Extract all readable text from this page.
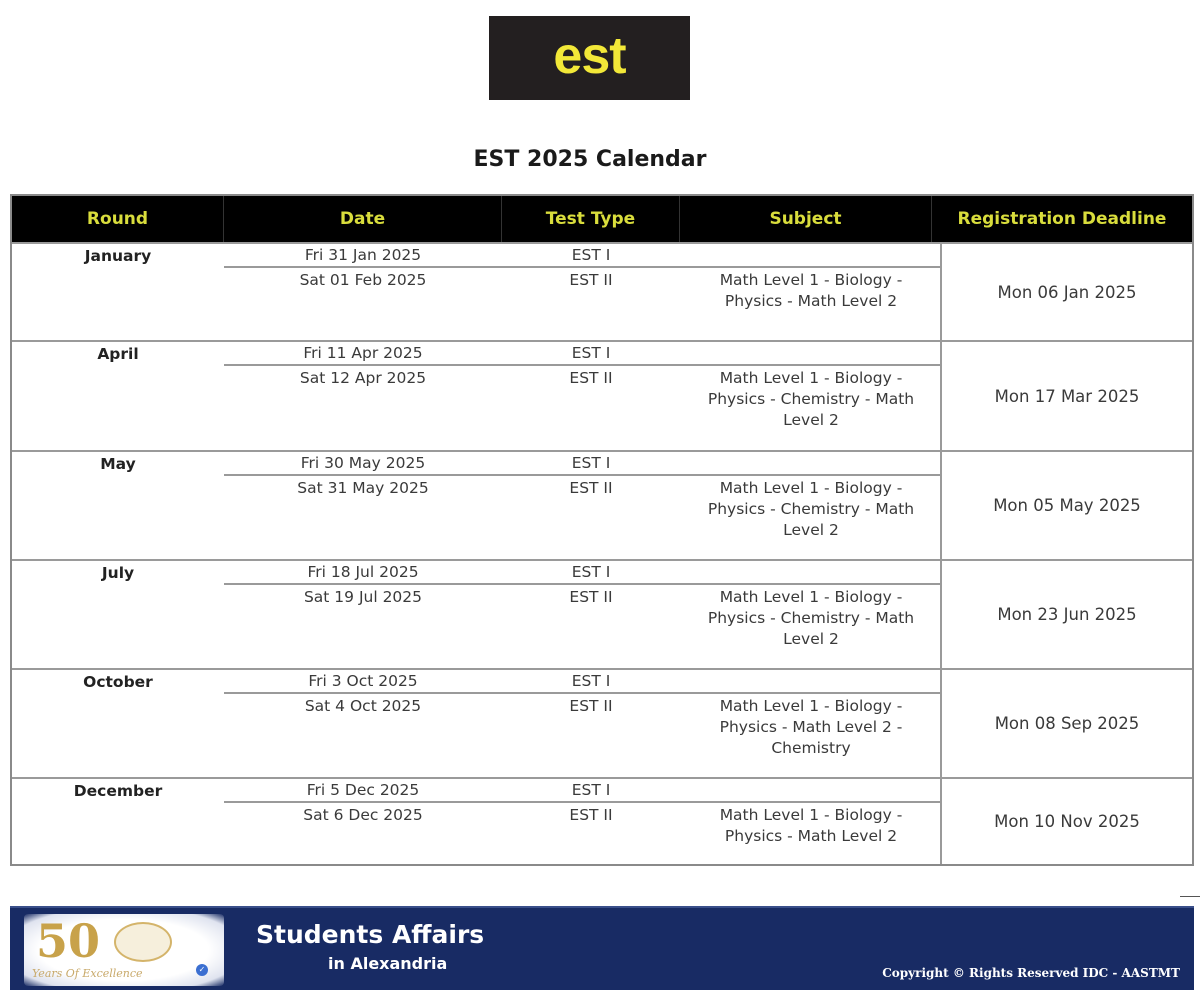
est
EST 2025 Calendar
Round	Date	Test Type	Subject	Registration Deadline
January	Fri 31 Jan 2025	EST I
Sat 01 Feb 2025	EST II	Math Level 1 - Biology - Physics - Math Level 2	Mon 06 Jan 2025
April	Fri 11 Apr 2025	EST I
Sat 12 Apr 2025	EST II	Math Level 1 - Biology - Physics - Chemistry - Math Level 2
Mon 17 Mar 2025
May	Fri 30 May 2025	EST I
Sat 31 May 2025	EST II	Math Level 1 - Biology - Physics - Chemistry - Math Level 2
Mon 05 May 2025
July	Fri 18 Jul 2025	EST I
Sat 19 Jul 2025	EST II	Math Level 1 - Biology - Physics - Chemistry - Math Level 2
Mon 23 Jun 2025
October	Fri 3 Oct 2025	EST I
Sat 4 Oct 2025	EST II	Math Level 1 - Biology - Physics - Math Level 2 - Chemistry
Mon 08 Sep 2025
December	Fri 5 Dec 2025	EST I
Sat 6 Dec 2025	EST II	Math Level 1 - Biology - Physics - Math Level 2
Mon 10 Nov 2025
50
Years Of Excellence	✓
Students Affairs
in Alexandria	Copyright © Rights Reserved IDC - AASTMT
